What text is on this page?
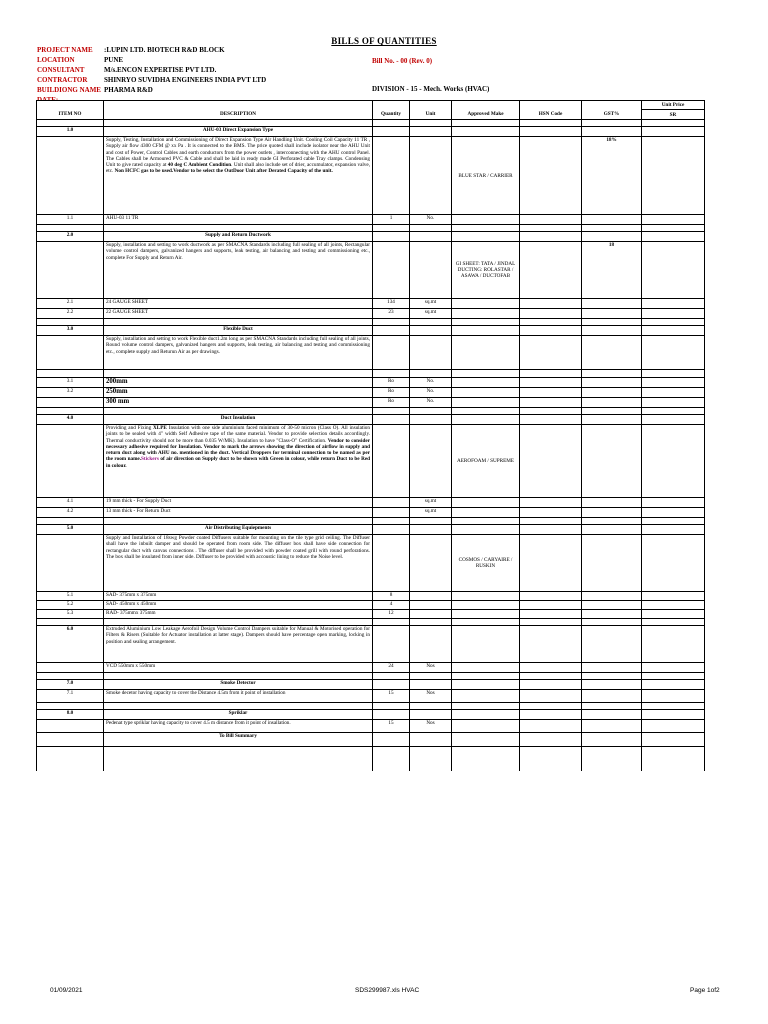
BILLS OF QUANTITIES
PROJECT NAME :LUPIN LTD. BIOTECH R&D BLOCK
LOCATION	PUNE
CONSULTANT	M/s.ENCON EXPERTISE PVT LTD.
CONTRACTOR SHINRYO SUVIDHA ENGINEERS INDIA PVT LTD
BUILDIONG NAME PHARMA R&D
Bill No. - 00 (Rev. 0)
DIVISION - 15 - Mech. Works (HVAC)
							Unit Price
ITEM NO	DESCRIPTION	Quantity	Unit	Approved Make	HSN Code	GST%	SR

1.0	AHU-03 Direct Expansion Type						
	Supply, Testing, Installation and Commissioning of Direct Expansion Type Air Handling Unit. Cooling Coil Capacity 11 TR , Supply air flow 4300 CFM @ xx Pa . It is connected to the BMS. The price quoted shall include isolator near the AHU Unit and cost of Power, Control Cables and earth conductors from the power outlets , interconnecting with the AHU control Panel. The Cables shall be Armoured PVC & Cable and shall be laid in ready made GI Perforated cable Tray clamps. Condensing Unit to give rated capacity at 40 deg C Ambient Condition. Unit shall also include set of drier, accumulator, expansion valve, etc. Non HCFC gas to be used.Vendor to be select the OutDoor Unit after Derated Capacity of the unit.			BLUE STAR / CARRIER		18%	
1.1	AHU-03 11 TR	1	No.				

2.0	Supply and Return Ductwork						
	Supply, installation and setting to work ductwork as per SMACNA Standards including full sealing of all joints, Rectangular volume control dampers, galvanized hangers and supports, leak testing, air balancing and testing and commissioning etc., complete For Supply and Return Air.			GI SHEET: TATA / JINDAL DUCTING: ROLASTAR / ASAWA / DUCTOFAB		18	
2.1	24 GAUGE SHEET	134	sq.mt				
2.2	22 GAUGE SHEET	23	sq.mt				

3.0	Flexible Duct						
	Supply, installation and setting to work Flexible duct1.2m long as per SMACNA Standards including full sealing of all joints, Round volume control dampers, galvanized hangers and supports, leak testing, air balancing and testing and commissioning etc., complete supply and Returun Air as per drawings.						

3.1	200mm	Ro	No.				
3.2	250mm	Ro	No.				
	300 mm	Ro	No.				

4.0	Duct Insulation						
	Providing and Fixing XLPE Insulation with one side aluminium faced minimum of 30-50 micron (Class O). All insulation joints to be sealed with 4" width Self Adhesive tape of the same material. Vendor to provide selection details accordingly. Thermal conductivity should not be more than 0.035 W/MK). Insulation to have "Class-O" Certification. Vendor to consider necessary adhesive required for Insulation. Vendor to mark the arrows showing the direction of airflow in supply and return duct along with AHU no. mentioned in the duct. Vertical Droppers for terminal connection to be named as per the room name.Stickers of air direction on Supply duct to be shown with Green in colour, while return Duct to be Red in colour.			AEROFOAM / SUPREME			
4.1	19 mm thick - For Supply Duct		sq.mt				
4.2	13 mm thick - For Return Duct		sq.mt				

5.0	Air Distributing Equiepments						
	Supply and Installation of 18swg Powder coated Diffusers suitable for mounting on the tile type grid ceiling. The Diffuser shall have the inbuilt damper and should be operated from room side. The diffuser box shall have side connection for rectangular duct with canvas connections . The diffuser shall be provided with powder coated grill with round perforations. The box shall be insulated from inner side. Diffuser to be provided with accoustic lining to reduce the Noise level.			COSMOS / CARYAIRE / RUSKIN			
5.1	SAD- 375mm x 375mm	8					
5.2	SAD- 450mm x 450mm	4					
5.3	RAD- 375mmx 375mm	12					

6.0	Extruded Aluminium Low Leakage Aerofoil Design Volume Control Dampers suitable for Manual & Motorised operation for Filters & Risers (Suitable for Actuator installation at latter stage). Dampers should have percentage open marking, locking in position and sealing arrangement.						
	VCD 550mm x 550mm	24	Nos				

7.0	Smoke Detector						
7.1	Smoke decetor having capacity to cover the Distance 4.5m from it point of installation	15	Nos				

8.0	Spriklar						
	Pedenat type spriklar having capacity to cover 4.5 m distance from it point of insallation.	15	Nos				
	To Bill Summary						

01/09/2021	SDS299987.xls HVAC	Page 1of2
